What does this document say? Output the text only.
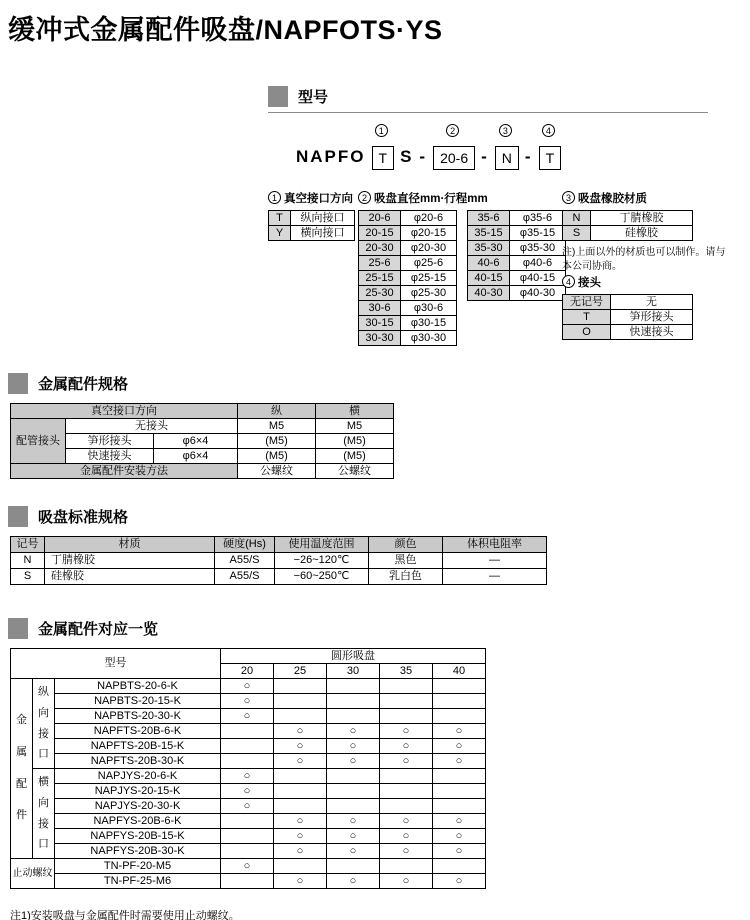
缓冲式金属配件吸盘/NAPFOTS·YS
型号
NAPFO
1
T S -
2
20-6 -
3
N -
4
T
1 真空接口方向
T	纵向接口
Y	横向接口
2 吸盘直径mm·行程mm
20-6	φ20-6
20-15	φ20-15
20-30	φ20-30
25-6	φ25-6
25-15	φ25-15
25-30	φ25-30
30-6	φ30-6
30-15	φ30-15
30-30	φ30-30
35-6	φ35-6
35-15	φ35-15
35-30	φ35-30
40-6	φ40-6
40-15	φ40-15
40-30	φ40-30
3 吸盘橡胶材质
N	丁腈橡胶
S	硅橡胶
注)上面以外的材质也可以制作。请与本公司协商。
4 接头
无记号	无
T	笋形接头
O	快速接头
金属配件规格
真空接口方向			纵	横
配管接头	无接头		M5	M5
	笋形接头	φ6×4	(M5)	(M5)
	快速接头	φ6×4	(M5)	(M5)
金属配件安装方法			公螺纹	公螺纹
吸盘标准规格
记号	材质	硬度(Hs)	使用温度范围	颜色	体积电阻率
N	丁腈橡胶	A55/S	−26~120℃	黑色	—
S	硅橡胶	A55/S	−60~250℃	乳白色	—
金属配件对应一览
型号			圆形吸盘				
			20	25	30	35	40

金属配件	纵向接口	NAPBTS-20-6-K	○				
		NAPBTS-20-15-K	○				
		NAPBTS-20-30-K	○				
		NAPFTS-20B-6-K		○	○	○	○
		NAPFTS-20B-15-K		○	○	○	○
		NAPFTS-20B-30-K		○	○	○	○

	横向接口	NAPJYS-20-6-K	○				
		NAPJYS-20-15-K	○				
		NAPJYS-20-30-K	○				
		NAPFYS-20B-6-K		○	○	○	○
		NAPFYS-20B-15-K		○	○	○	○
		NAPFYS-20B-30-K		○	○	○	○
止动螺纹		TN-PF-20-M5	○				
		TN-PF-25-M6		○	○	○	○
注1)安装吸盘与金属配件时需要使用止动螺纹。
